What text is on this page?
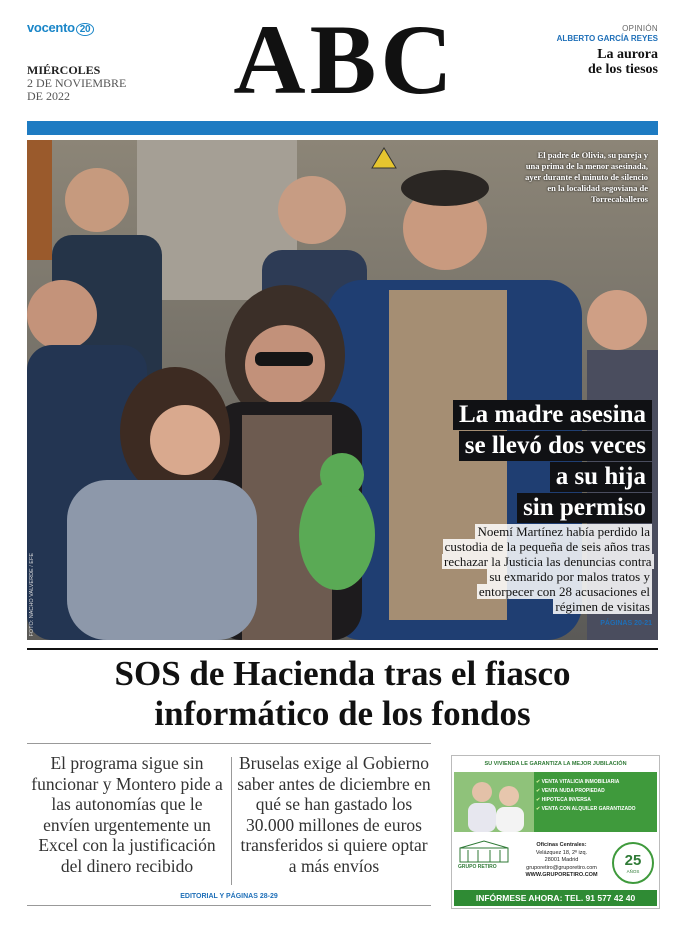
vocento 20	ABC
MIÉRCOLES
2 DE NOVIEMBRE
DE 2022
OPINIÓN
ALBERTO GARCÍA REYES
La aurora
de los tiesos
El padre de Olivia, su pareja y una prima de la menor asesinada, ayer durante el minuto de silencio en la localidad segoviana de Torrecaballeros
FOTO: NACHO VALVERDE / EFE
La madre asesina
se llevó dos veces
a su hija
sin permiso
Noemí Martínez había perdido la custodia de la pequeña de seis años tras rechazar la Justicia las denuncias contra su exmarido por malos tratos y entorpecer con 28 acusaciones el régimen de visitas
PÁGINAS 20-21
SOS de Hacienda tras el fiasco
informático de los fondos
El programa sigue sin funcionar y Montero pide a las autonomías que le envíen urgentemente un Excel con la justificación del dinero recibido
Bruselas exige al Gobierno saber antes de diciembre en qué se han gastado los 30.000 millones de euros transferidos si quiere optar a más envíos
EDITORIAL Y PÁGINAS 28-29
SU VIVIENDA LE GARANTIZA LA MEJOR JUBILACIÓN
✔ VENTA VITALICIA INMOBILIARIA
✔ VENTA NUDA PROPIEDAD
✔ HIPOTECA INVERSA
✔ VENTA CON ALQUILER GARANTIZADO
GRUPO RETIRO
Oficinas Centrales:
Velázquez 18, 2º izq.
28001 Madrid
gruporetiro@gruporetiro.com
WWW.GRUPORETIRO.COM
25
AÑOS
INFÓRMESE AHORA: TEL. 91 577 42 40
